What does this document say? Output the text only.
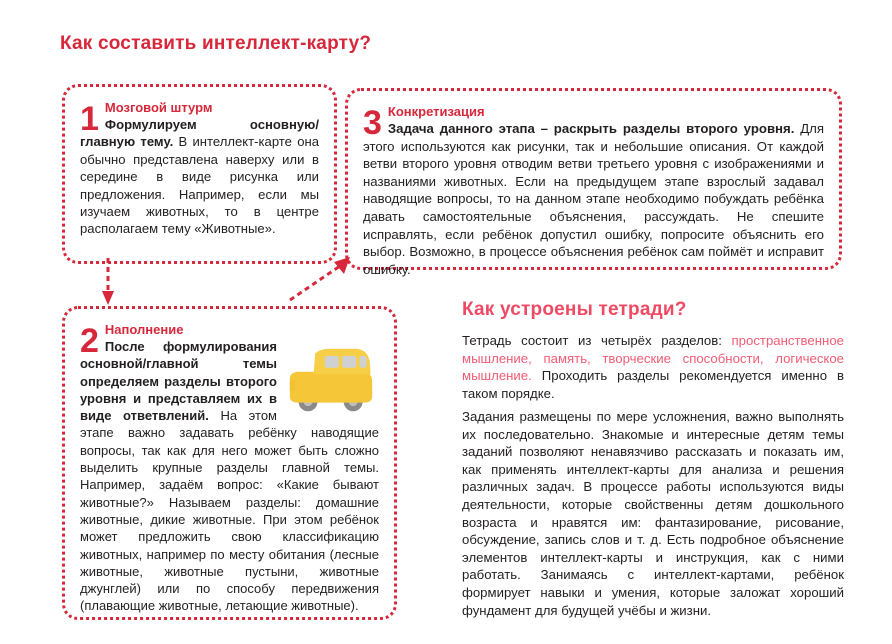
Как составить интеллект-карту?
1 Мозговой штурм
Формулируем основную/главную тему. В интеллект-карте она обычно представлена наверху или в середине в виде рисунка или предложения. Например, если мы изучаем животных, то в центре располагаем тему «Животные».
3 Конкретизация
Задача данного этапа – раскрыть разделы второго уровня. Для этого используются как рисунки, так и небольшие описания. От каждой ветви второго уровня отводим ветви третьего уровня с изображениями и названиями животных. Если на предыдущем этапе взрослый задавал наводящие вопросы, то на данном этапе необходимо побуждать ребёнка давать самостоятельные объяснения, рассуждать. Не спешите исправлять, если ребёнок допустил ошибку, попросите объяснить его выбор. Возможно, в процессе объяснения ребёнок сам поймёт и исправит ошибку.
2 Наполнение
После формулирования основной/главной темы определяем разделы второго уровня и представляем их в виде ответвлений. На этом этапе важно задавать ребёнку наводящие вопросы, так как для него может быть сложно выделить крупные разделы главной темы. Например, задаём вопрос: «Какие бывают животные?» Называем разделы: домашние животные, дикие животные. При этом ребёнок может предложить свою классификацию животных, например по месту обитания (лесные животные, животные пустыни, животные джунглей) или по способу передвижения (плавающие животные, летающие животные).
Как устроены тетради?
Тетрадь состоит из четырёх разделов: пространственное мышление, память, творческие способности, логическое мышление. Проходить разделы рекомендуется именно в таком порядке.
Задания размещены по мере усложнения, важно выполнять их последовательно. Знакомые и интересные детям темы заданий позволяют ненавязчиво рассказать и показать им, как применять интеллект-карты для анализа и решения различных задач. В процессе работы используются виды деятельности, которые свойственны детям дошкольного возраста и нравятся им: фантазирование, рисование, обсуждение, запись слов и т. д. Есть подробное объяснение элементов интеллект-карты и инструкция, как с ними работать. Занимаясь с интеллект-картами, ребёнок формирует навыки и умения, которые заложат хороший фундамент для будущей учёбы и жизни.
